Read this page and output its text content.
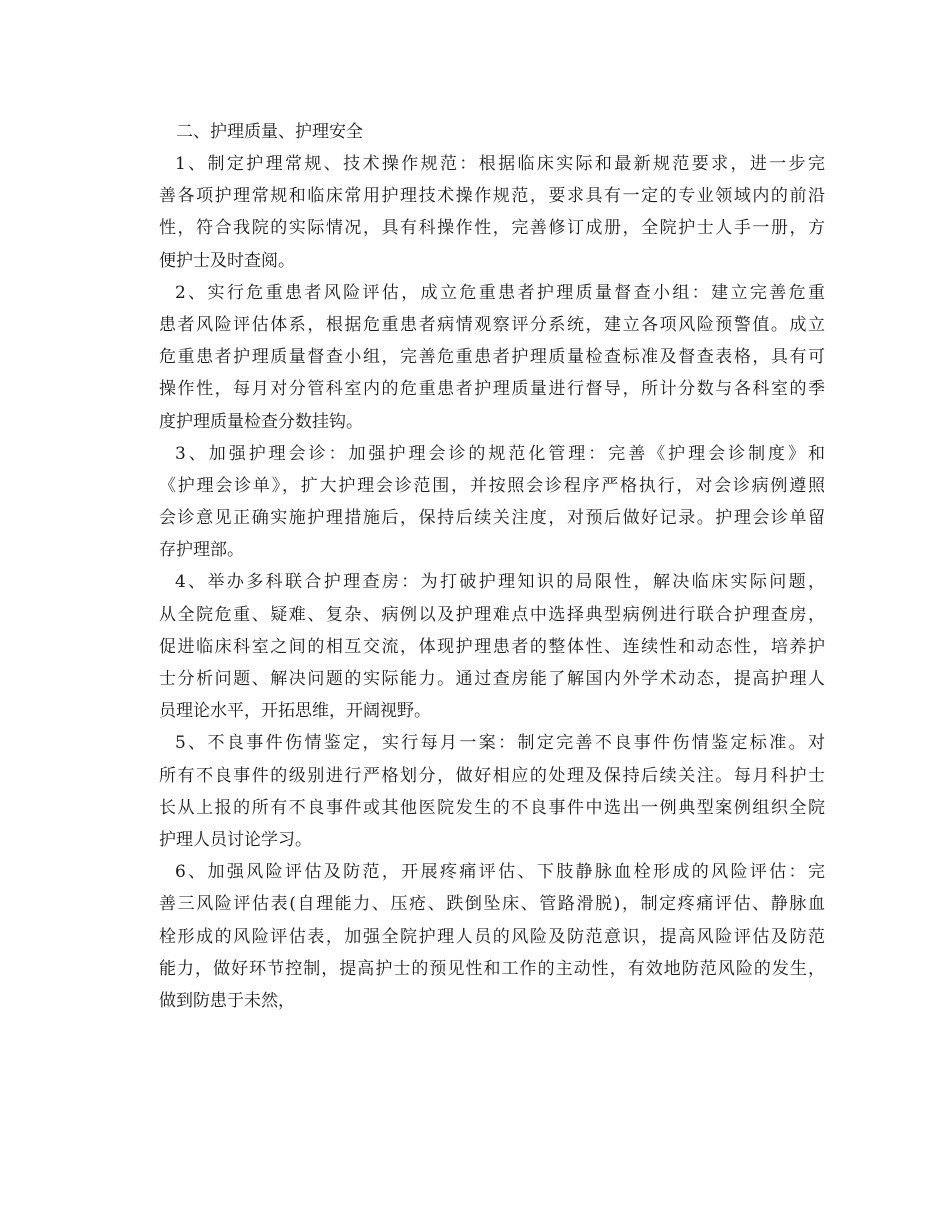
二、护理质量、护理安全
1、制定护理常规、技术操作规范：根据临床实际和最新规范要求，进一步完
善各项护理常规和临床常用护理技术操作规范，要求具有一定的专业领域内的前沿
性，符合我院的实际情况，具有科操作性，完善修订成册，全院护士人手一册，方
便护士及时查阅。
2、实行危重患者风险评估，成立危重患者护理质量督查小组：建立完善危重
患者风险评估体系，根据危重患者病情观察评分系统，建立各项风险预警值。成立
危重患者护理质量督查小组，完善危重患者护理质量检查标准及督查表格，具有可
操作性，每月对分管科室内的危重患者护理质量进行督导，所计分数与各科室的季
度护理质量检查分数挂钩。
3、加强护理会诊：加强护理会诊的规范化管理：完善《护理会诊制度》和
《护理会诊单》，扩大护理会诊范围，并按照会诊程序严格执行，对会诊病例遵照
会诊意见正确实施护理措施后，保持后续关注度，对预后做好记录。护理会诊单留
存护理部。
4、举办多科联合护理查房：为打破护理知识的局限性，解决临床实际问题，
从全院危重、疑难、复杂、病例以及护理难点中选择典型病例进行联合护理查房，
促进临床科室之间的相互交流，体现护理患者的整体性、连续性和动态性，培养护
士分析问题、解决问题的实际能力。通过查房能了解国内外学术动态，提高护理人
员理论水平，开拓思维，开阔视野。
5、不良事件伤情鉴定，实行每月一案：制定完善不良事件伤情鉴定标准。对
所有不良事件的级别进行严格划分，做好相应的处理及保持后续关注。每月科护士
长从上报的所有不良事件或其他医院发生的不良事件中选出一例典型案例组织全院
护理人员讨论学习。
6、加强风险评估及防范，开展疼痛评估、下肢静脉血栓形成的风险评估：完
善三风险评估表(自理能力、压疮、跌倒坠床、管路滑脱)，制定疼痛评估、静脉血
栓形成的风险评估表，加强全院护理人员的风险及防范意识，提高风险评估及防范
能力，做好环节控制，提高护士的预见性和工作的主动性，有效地防范风险的发生，
做到防患于未然，
